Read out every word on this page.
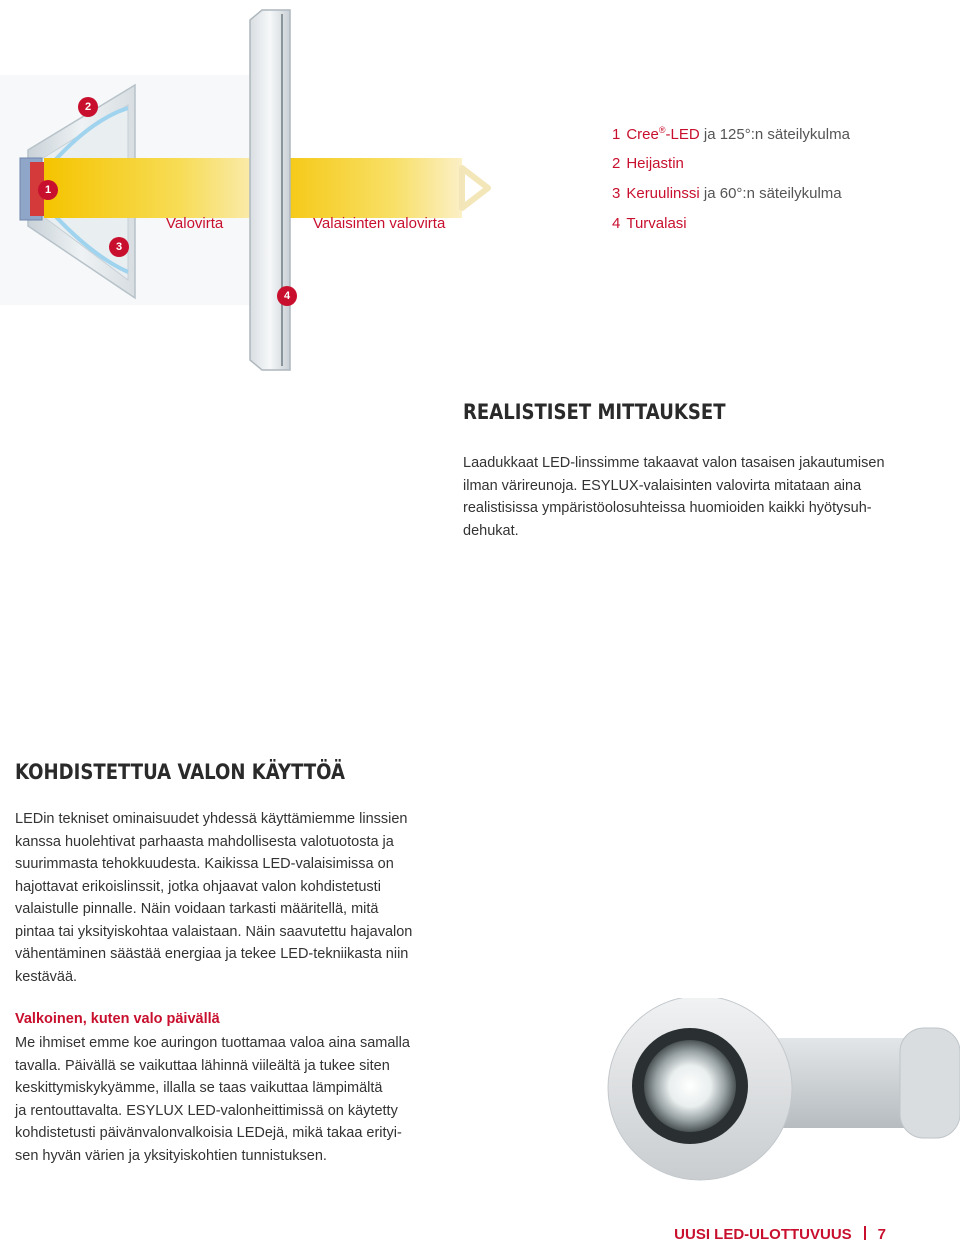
2
1
3
4
Valovirta	Valaisinten valovirta
1 Cree®-LED ja 125°:n säteilykulma
2 Heijastin
3 Keruulinssi ja 60°:n säteilykulma
4 Turvalasi
REALISTISET MITTAUKSET
Laadukkaat LED-linssimme takaavat valon tasaisen jakautumisen
ilman värireunoja. ESYLUX-valaisinten valovirta mitataan aina
realistisissa ympäristöolosuhteissa huomioiden kaikki hyötysuh-
dehukat.
KOHDISTETTUA VALON KÄYTTÖÄ
LEDin tekniset ominaisuudet yhdessä käyttämiemme linssien
kanssa huolehtivat parhaasta mahdollisesta valotuotosta ja
suurimmasta tehokkuudesta. Kaikissa LED-valaisimissa on
hajottavat erikoislinssit, jotka ohjaavat valon kohdistetusti
valaistulle pinnalle. Näin voidaan tarkasti määritellä, mitä
pintaa tai yksityiskohtaa valaistaan. Näin saavutettu hajavalon
vähentäminen säästää energiaa ja tekee LED-tekniikasta niin
kestävää.
Valkoinen, kuten valo päivällä
Me ihmiset emme koe auringon tuottamaa valoa aina samalla
tavalla. Päivällä se vaikuttaa lähinnä viileältä ja tukee siten
keskittymiskykyämme, illalla se taas vaikuttaa lämpimältä
ja rentouttavalta. ESYLUX LED-valonheittimissä on käytetty
kohdistetusti päivänvalonvalkoisia LEDejä, mikä takaa erityi-
sen hyvän värien ja yksityiskohtien tunnistuksen.
UUSI LED-ULOTTUVUUS 7
